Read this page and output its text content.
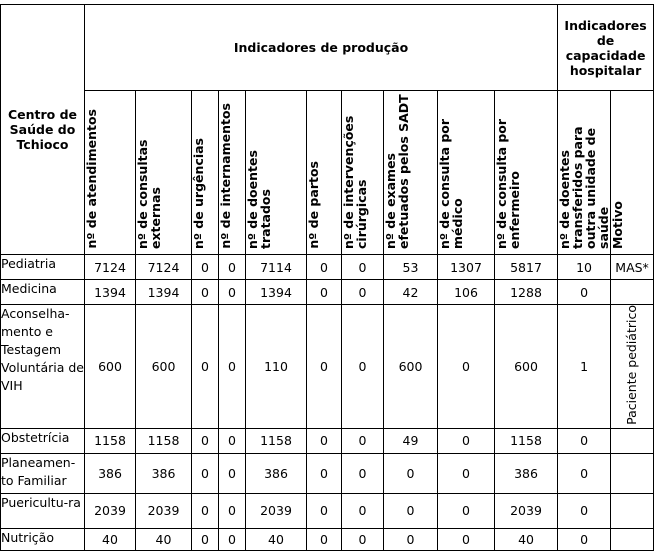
Centro de Saúde do Tchioco	Indicadores de produção										Indicadores de capacidade hospitalar	
	nº de atendimentos	nº de consultas externas	nº de urgências	nº de internamentos	nº de doentes tratados	nº de partos	nº de intervenções cirúrgicas	nº de exames efetuados pelos SADT	nº de consulta por médico	nº de consulta por enfermeiro	nº de doentes transferidos para outra unidade de saúde	Motivo
Pediatria	7124	7124	0	0	7114	0	0	53	1307	5817	10	MAS*
Medicina	1394	1394	0	0	1394	0	0	42	106	1288	0	
Aconselha-mento e Testagem Voluntária de VIH	600	600	0	0	110	0	0	600	0	600	1	Paciente pediátrico
Obstetrícia	1158	1158	0	0	1158	0	0	49	0	1158	0	
Planeamen-to Familiar	386	386	0	0	386	0	0	0	0	386	0	
Puericultu-ra	2039	2039	0	0	2039	0	0	0	0	2039	0	
Nutrição	40	40	0	0	40	0	0	0	0	40	0	
